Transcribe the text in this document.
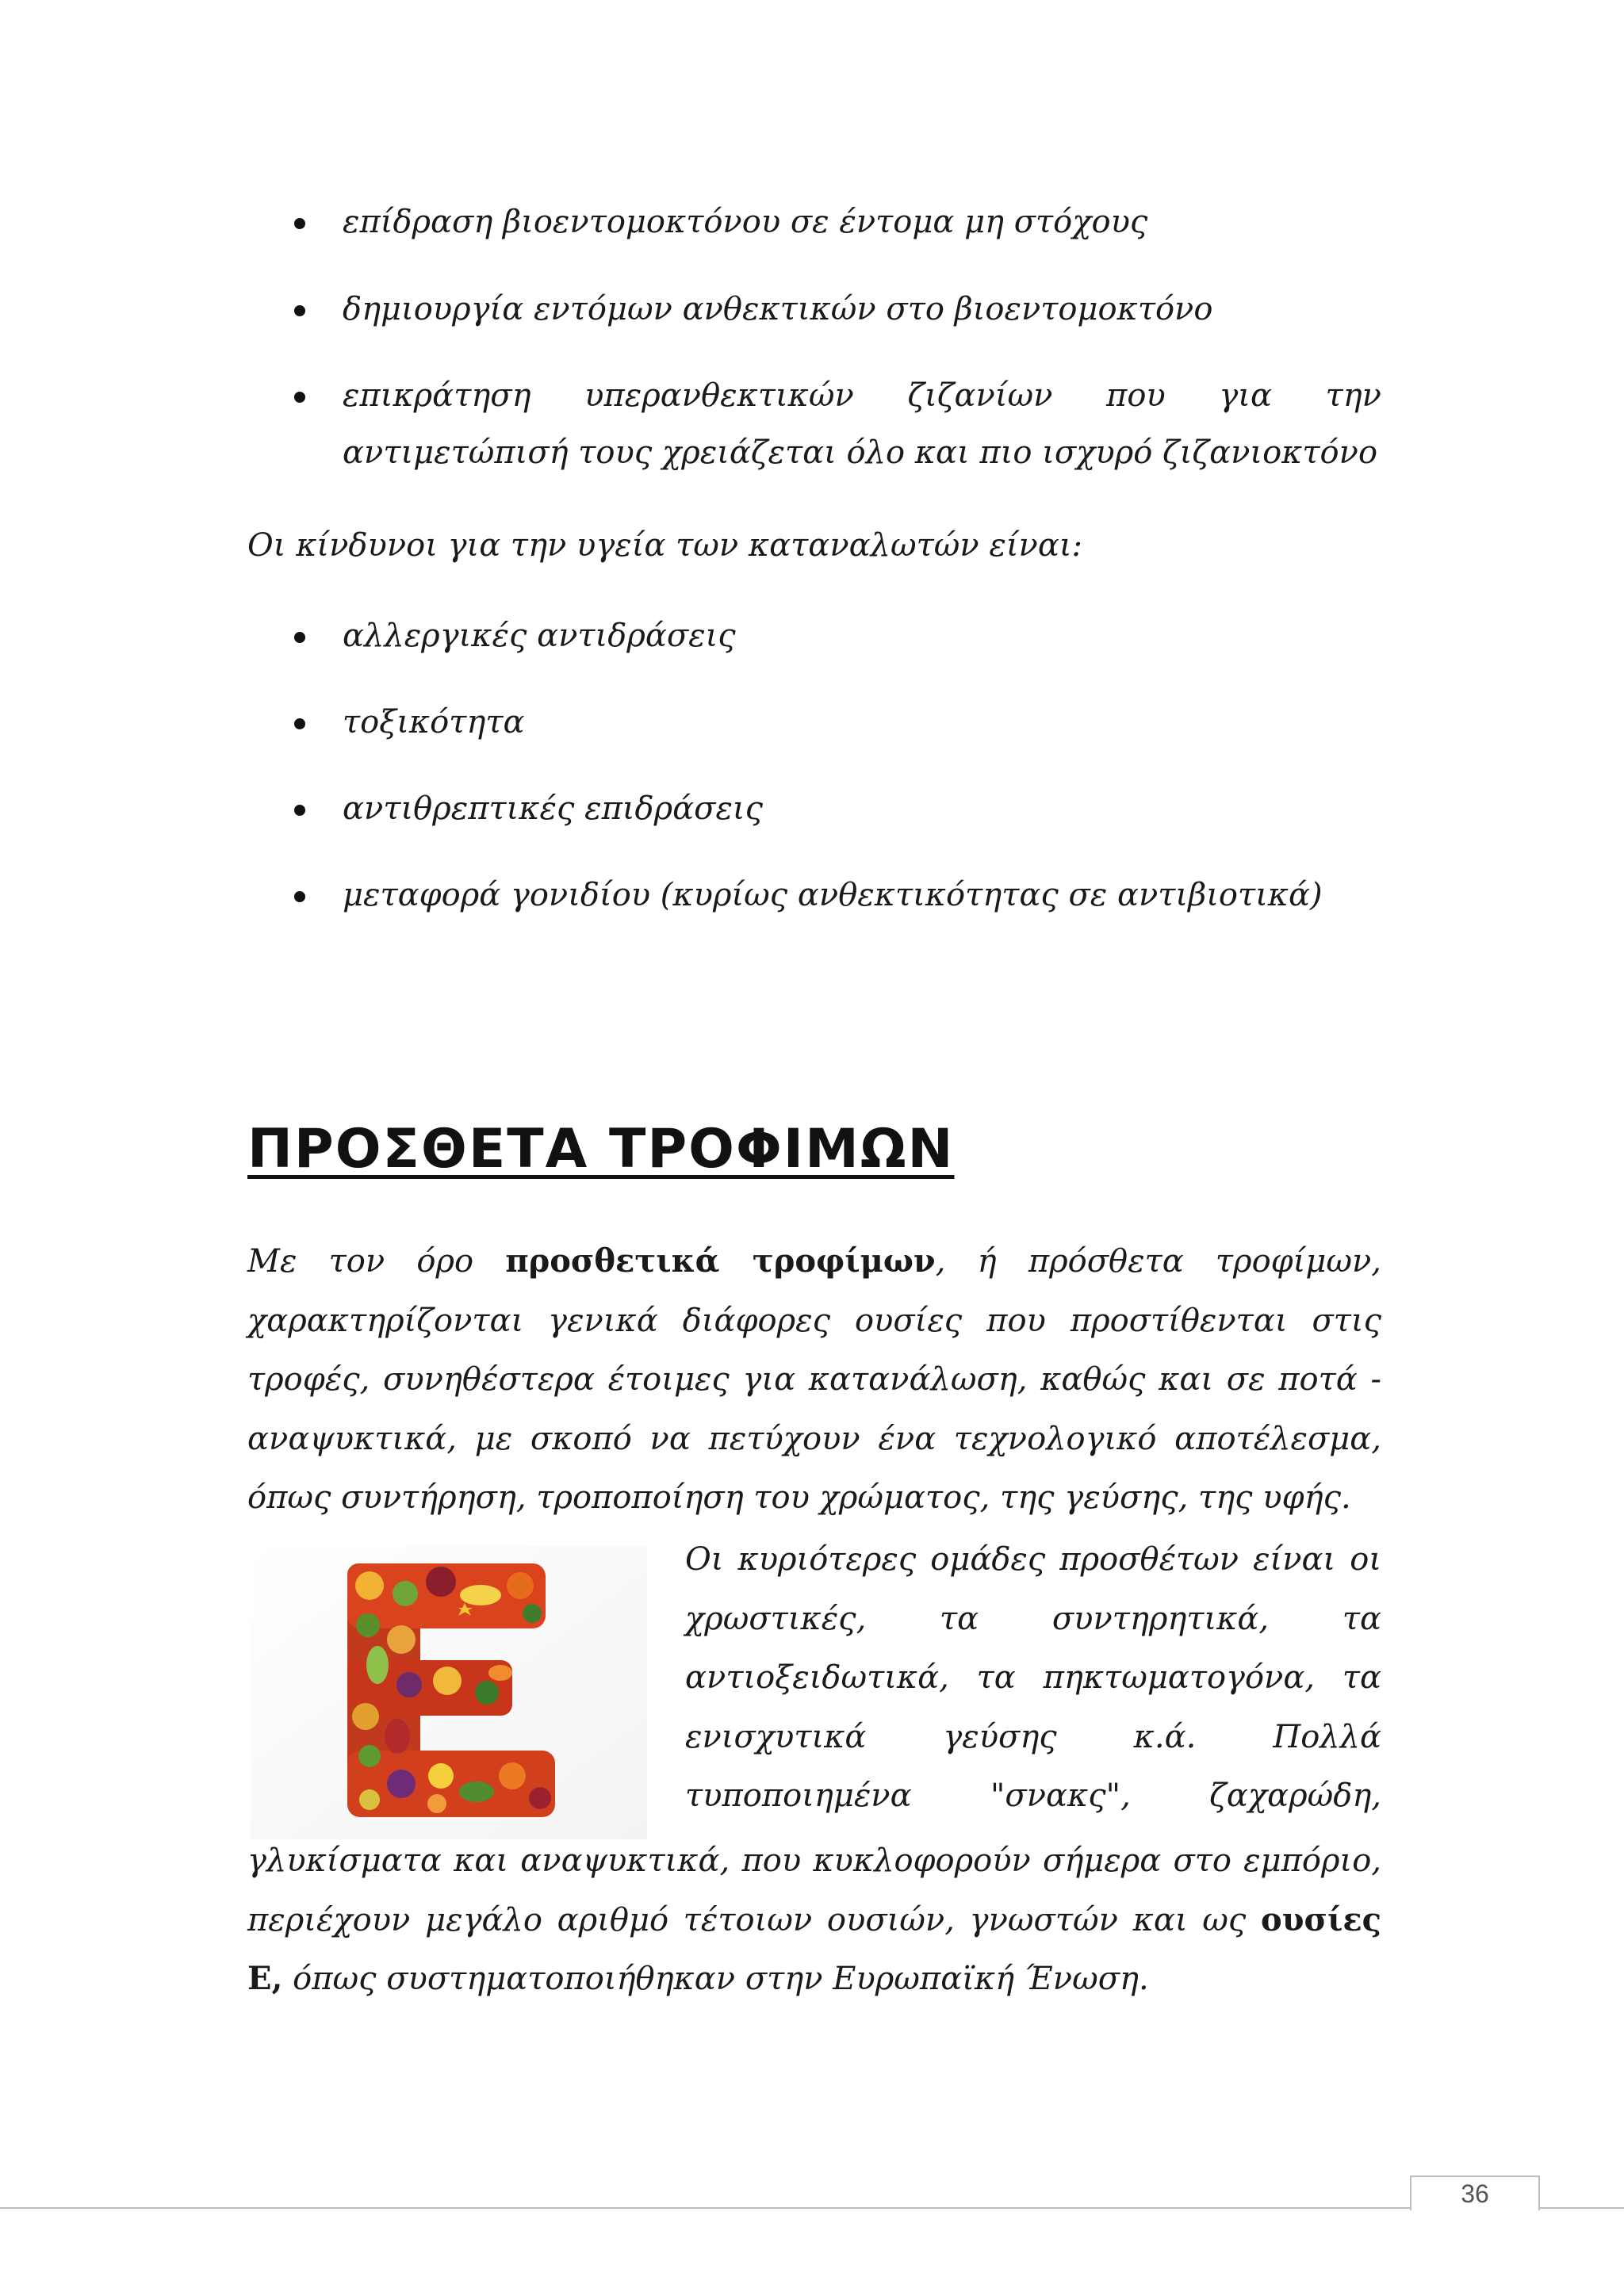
επίδραση βιοεντομοκτόνου σε έντομα μη στόχους
δημιουργία εντόμων ανθεκτικών στο βιοεντομοκτόνο
επικράτηση υπερανθεκτικών ζιζανίων που για την αντιμετώπισή τους χρειάζεται όλο και πιο ισχυρό ζιζανιοκτόνο
Οι κίνδυνοι για την υγεία των καταναλωτών είναι:
αλλεργικές αντιδράσεις
τοξικότητα
αντιθρεπτικές επιδράσεις
μεταφορά γονιδίου (κυρίως ανθεκτικότητας σε αντιβιοτικά)
ΠΡΟΣΘΕΤΑ ΤΡΟΦΙΜΩΝ
Με τον όρο προσθετικά τροφίμων, ή πρόσθετα τροφίμων, χαρακτηρίζονται γενικά διάφορες ουσίες που προστίθενται στις τροφές, συνηθέστερα έτοιμες για κατανάλωση, καθώς και σε ποτά - αναψυκτικά, με σκοπό να πετύχουν ένα τεχνολογικό αποτέλεσμα, όπως συντήρηση, τροποποίηση του χρώματος, της γεύσης, της υφής.
Οι κυριότερες ομάδες προσθέτων είναι οι χρωστικές, τα συντηρητικά, τα αντιοξειδωτικά, τα πηκτωματογόνα, τα ενισχυτικά γεύσης κ.ά. Πολλά τυποποιημένα "σνακς", ζαχαρώδη,
γλυκίσματα και αναψυκτικά, που κυκλοφορούν σήμερα στο εμπόριο, περιέχουν μεγάλο αριθμό τέτοιων ουσιών, γνωστών και ως ουσίες Ε, όπως συστηματοποιήθηκαν στην Ευρωπαϊκή Ένωση.
36
